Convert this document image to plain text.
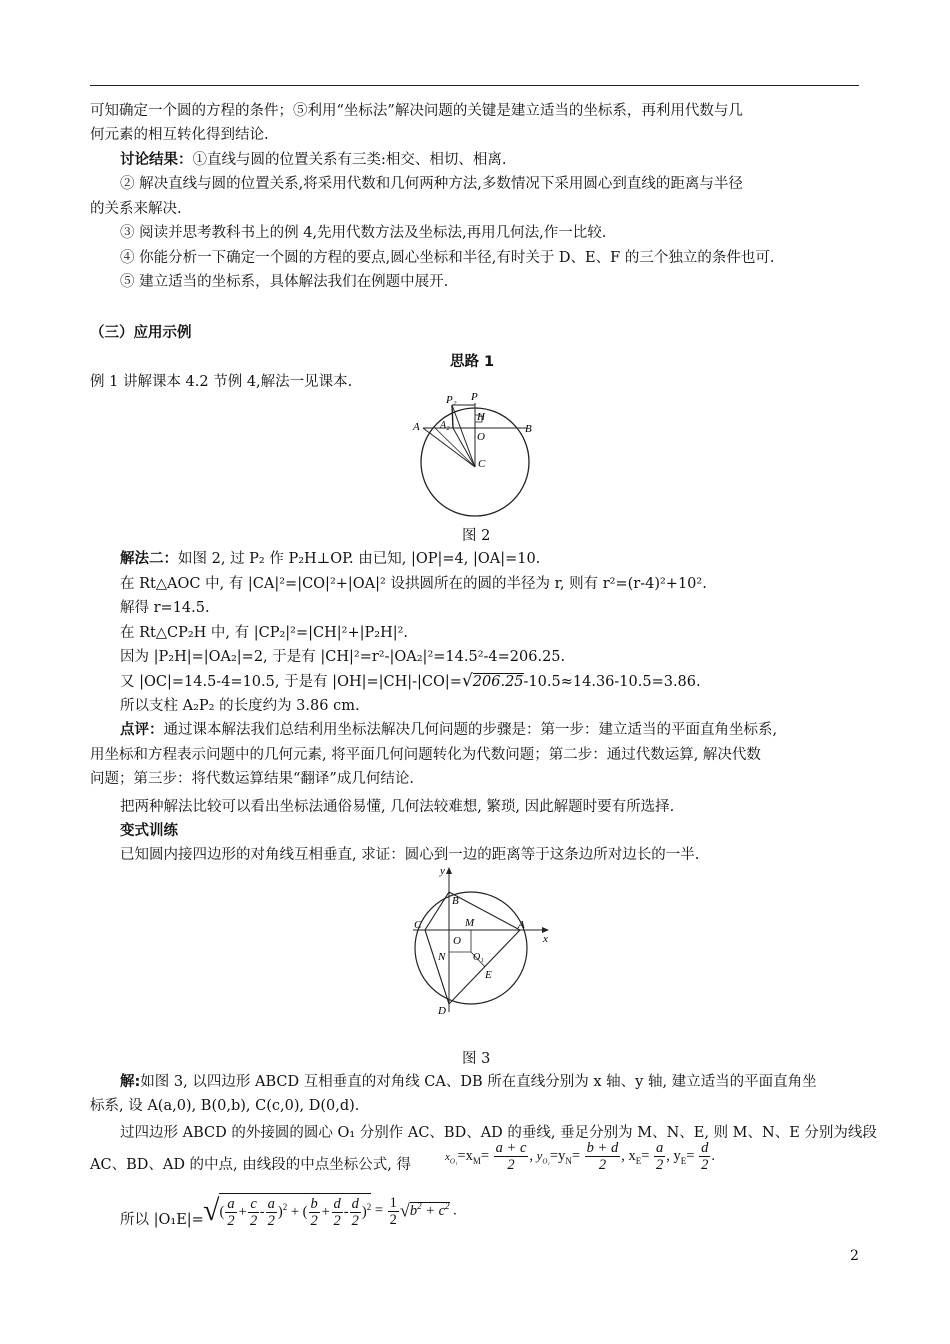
可知确定一个圆的方程的条件；⑤利用“坐标法”解决问题的关键是建立适当的坐标系，再利用代数与几
何元素的相互转化得到结论.
讨论结果：①直线与圆的位置关系有三类:相交、相切、相离.
② 解决直线与圆的位置关系,将采用代数和几何两种方法,多数情况下采用圆心到直线的距离与半径
的关系来解决.
③ 阅读并思考教科书上的例 4,先用代数方法及坐标法,再用几何法,作一比较.
④ 你能分析一下确定一个圆的方程的要点,圆心坐标和半径,有时关于 D、E、F 的三个独立的条件也可.
⑤ 建立适当的坐标系，具体解法我们在例题中展开.
（三）应用示例
思路 1
例 1 讲解课本 4.2 节例 4,解法一见课本.
P₂ P
H
A A₂
O
B
C
图 2
解法二：如图 2, 过 P₂ 作 P₂H⊥OP. 由已知, |OP|=4, |OA|=10.
在 Rt△AOC 中, 有 |CA|²=|CO|²+|OA|² 设拱圆所在的圆的半径为 r, 则有 r²=(r-4)²+10².
解得 r=14.5.
在 Rt△CP₂H 中, 有 |CP₂|²=|CH|²+|P₂H|².
因为 |P₂H|=|OA₂|=2, 于是有 |CH|²=r²-|OA₂|²=14.5²-4=206.25.
又 |OC|=14.5-4=10.5, 于是有 |OH|=|CH|-|CO|=√206.25-10.5≈14.36-10.5=3.86.
所以支柱 A₂P₂ 的长度约为 3.86 cm.
点评：通过课本解法我们总结利用坐标法解决几何问题的步骤是：第一步：建立适当的平面直角坐标系,
用坐标和方程表示问题中的几何元素, 将平面几何问题转化为代数问题；第二步：通过代数运算, 解决代数
问题；第三步：将代数运算结果“翻译”成几何结论.
把两种解法比较可以看出坐标法通俗易懂, 几何法较难想, 繁琐, 因此解题时要有所选择.
变式训练
已知圆内接四边形的对角线互相垂直, 求证：圆心到一边的距离等于这条边所对边长的一半.
y
x
B
C	M	A
O
O₁
N
E
D
图 3
解:如图 3, 以四边形 ABCD 互相垂直的对角线 CA、DB 所在直线分别为 x 轴、y 轴, 建立适当的平面直角坐
标系, 设 A(a,0), B(0,b), C(c,0), D(0,d).
过四边形 ABCD 的外接圆的圆心 O₁ 分别作 AC、BD、AD 的垂线, 垂足分别为 M、N、E, 则 M、N、E 分别为线段
AC、BD、AD 的中点, 由线段的中点坐标公式, 得
$x_{O_1}=x_M= \frac{a + c}{2}$ , $y_{O_1}=y_N= \frac{b + d}{2}$ , $x_E= \frac{a}{2}$ , $y_E= \frac{d}{2}$ .
所以 |O₁E|= √( $\frac{a}{2} + \frac{c}{2} - \frac{a}{2} )^2$ + ( $\frac{b}{2} + \frac{d}{2} - \frac{d}{2} )^2 = \frac{1}{2} √b^2 + c^2$ .
2
